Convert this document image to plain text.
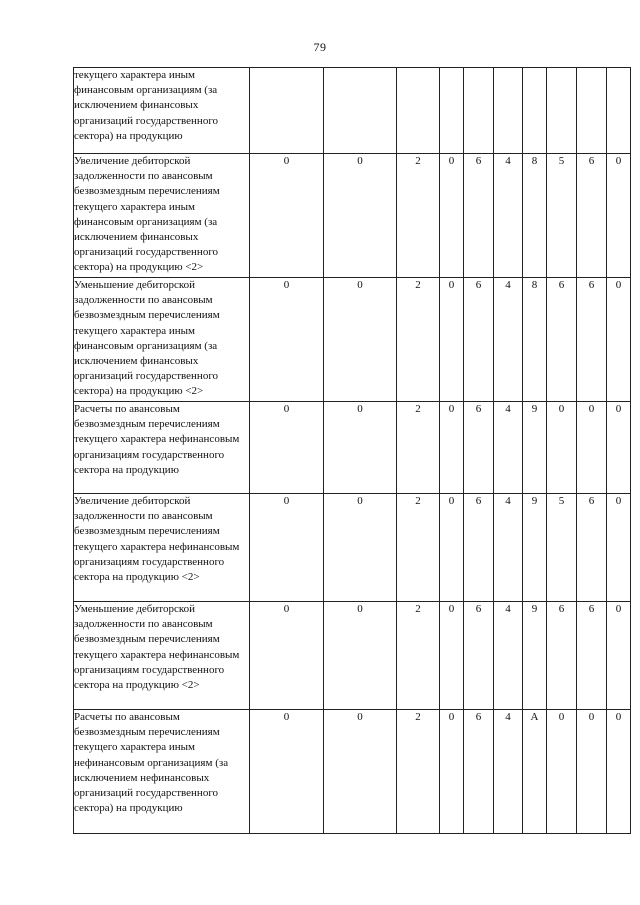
79
текущего характера иным финансовым организациям (за исключением финансовых организаций государственного сектора) на продукцию										
Увеличение дебиторской задолженности по авансовым безвозмездным перечислениям текущего характера иным финансовым организациям (за исключением финансовых организаций государственного сектора) на продукцию <2>	0	0	2	0	6	4	8	5	6	0
Уменьшение дебиторской задолженности по авансовым безвозмездным перечислениям текущего характера иным финансовым организациям (за исключением финансовых организаций государственного сектора) на продукцию <2>	0	0	2	0	6	4	8	6	6	0
Расчеты по авансовым безвозмездным перечислениям текущего характера нефинансовым организациям государственного сектора на продукцию	0	0	2	0	6	4	9	0	0	0
Увеличение дебиторской задолженности по авансовым безвозмездным перечислениям текущего характера нефинансовым организациям государственного сектора на продукцию <2>	0	0	2	0	6	4	9	5	6	0
Уменьшение дебиторской задолженности по авансовым безвозмездным перечислениям текущего характера нефинансовым организациям государственного сектора на продукцию <2>	0	0	2	0	6	4	9	6	6	0
Расчеты по авансовым безвозмездным перечислениям текущего характера иным нефинансовым организациям (за исключением нефинансовых организаций государственного сектора) на продукцию	0	0	2	0	6	4	А	0	0	0
